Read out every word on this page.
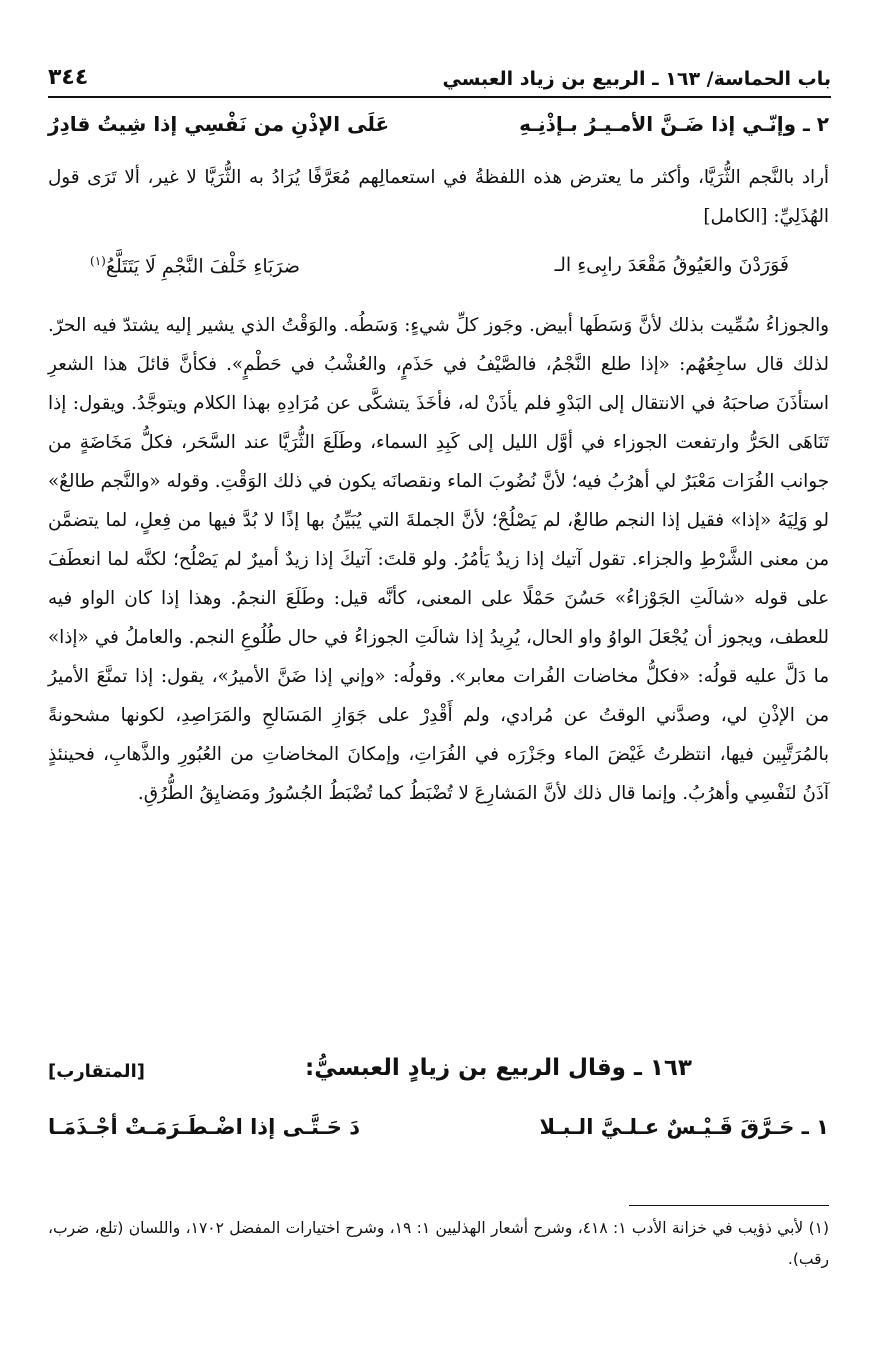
باب الحماسة/ ١٦٣ ـ الربيع بن زياد العبسي
٣٤٤
٢ ـ وإنّـي إذا ضَـنَّ الأمـيـرُ بـإذْنِـهِ
عَلَى الإذْنِ من نَفْسِي إذا شِيتُ قادِرُ

أراد بالنَّجم الثُّرَيَّا، وأكثر ما يعترض هذه اللفظةُ في استعمالِهم مُعَرَّفًا يُرَادُ به الثُّرَيَّا لا غير، ألا تَرَى قول الهُذَلِيِّ: [الكامل]

فَوَرَدْنَ والعَيُوقُ مَقْعَدَ رابِىءِ الـ
ضرَبَاءِ خَلْفَ النَّجْمِ لَا يَتَتَلَّعُ$^{(١)}$

والجوزاءُ سُمِّيت بذلك لأنَّ وَسَطَها أبيض. وجَوز كلِّ شيءٍ: وَسَطُه. والوَقْتُ الذي يشير إليه يشتدّ فيه الحرّ. لذلك قال ساجِعُهُم: «إذا طلع النَّجْمُ، فالصَّيْفُ في حَذَمٍ، والعُشْبُ في حَطْمٍ». فكأنَّ قائلَ هذا الشعرِ استأذَنَ صاحبَهُ في الانتقال إلى البَدْوِ فلم يأذَنْ له، فأخَذَ يتشكَّى عن مُرَادِهِ بهذا الكلام ويتوجَّدُ. ويقول: إذا تَنَاهَى الحَرُّ وارتفعت الجوزاء في أوَّل الليل إلى كَبِدِ السماء، وطَلَعَ الثُّرَيَّا عند السَّحَر، فكلُّ مَخَاضَةٍ من جوانب الفُرَات مَعْبَرٌ لي أهرُبُ فيه؛ لأنَّ نُضُوبَ الماء ونقصانَه يكون في ذلك الوَقْتِ. وقوله «والنَّجم طالعٌ» لو وَلِيَهُ «إذا» فقيل إذا النجم طالعٌ، لم يَصْلُحْ؛ لأنَّ الجملةَ التي يُبَيِّنُ بها إذًا لا بُدَّ فيها من فِعلٍ، لما يتضمَّن من معنى الشَّرْطِ والجزاء. تقول آتيك إذا زيدٌ يَأمُرُ. ولو قلتَ: آتيكَ إذا زيدٌ أميرٌ لم يَصْلُح؛ لكنَّه لما انعطَفَ على قوله «شالَتِ الجَوْزاءُ» حَسُنَ حَمْلًا على المعنى، كأنَّه قيل: وطَلَعَ النجمُ. وهذا إذا كان الواو فيه للعطف، ويجوز أن يُجْعَلَ الواوُ واو الحال، يُرِيدُ إذا شالَتِ الجوزاءُ في حال طُلُوعِ النجم. والعاملُ في «إذا» ما دَلَّ عليه قولُه: «فكلُّ مخاضات الفُرات معابر». وقولُه: «وإني إذا ضَنَّ الأميرُ»، يقول: إذا تمنَّعَ الأميرُ من الإذْنِ لي، وصدَّني الوقتُ عن مُرادي، ولم أَقْدِرْ على جَوَازِ المَسَالحِ والمَرَاصِدِ، لكونها مشحونةً بالمُرَتَّبِين فيها، انتظرتُ غَيْضَ الماء وجَزْرَه في الفُرَاتِ، وإمكانَ المخاضاتِ من العُبُورِ والذَّهابِ، فحينئذٍ آذَنُ لنَفْسِي وأهرُبُ. وإنما قال ذلك لأنَّ المَشارِعَ لا تُضْبَطُ كما تُضْبَطُ الجُسُورُ ومَضايِقُ الطُّرُقِ.

١٦٣ ـ وقال الربيع بن زيادٍ العبسيُّ:
[المتقارب]
١ ـ حَـرَّقَ قَـيْـسٌ عـلـيَّ الـبـلا
دَ حَـتَّـى إذا اضْـطَـرَمَـتْ أجْـذَمَـا

(١) لأبي ذؤيب في خزانة الأدب ١: ٤١٨، وشرح أشعار الهذليين ١: ١٩، وشرح اختيارات المفضل ١٧٠٢، واللسان (تلع، ضرب، رقب).
